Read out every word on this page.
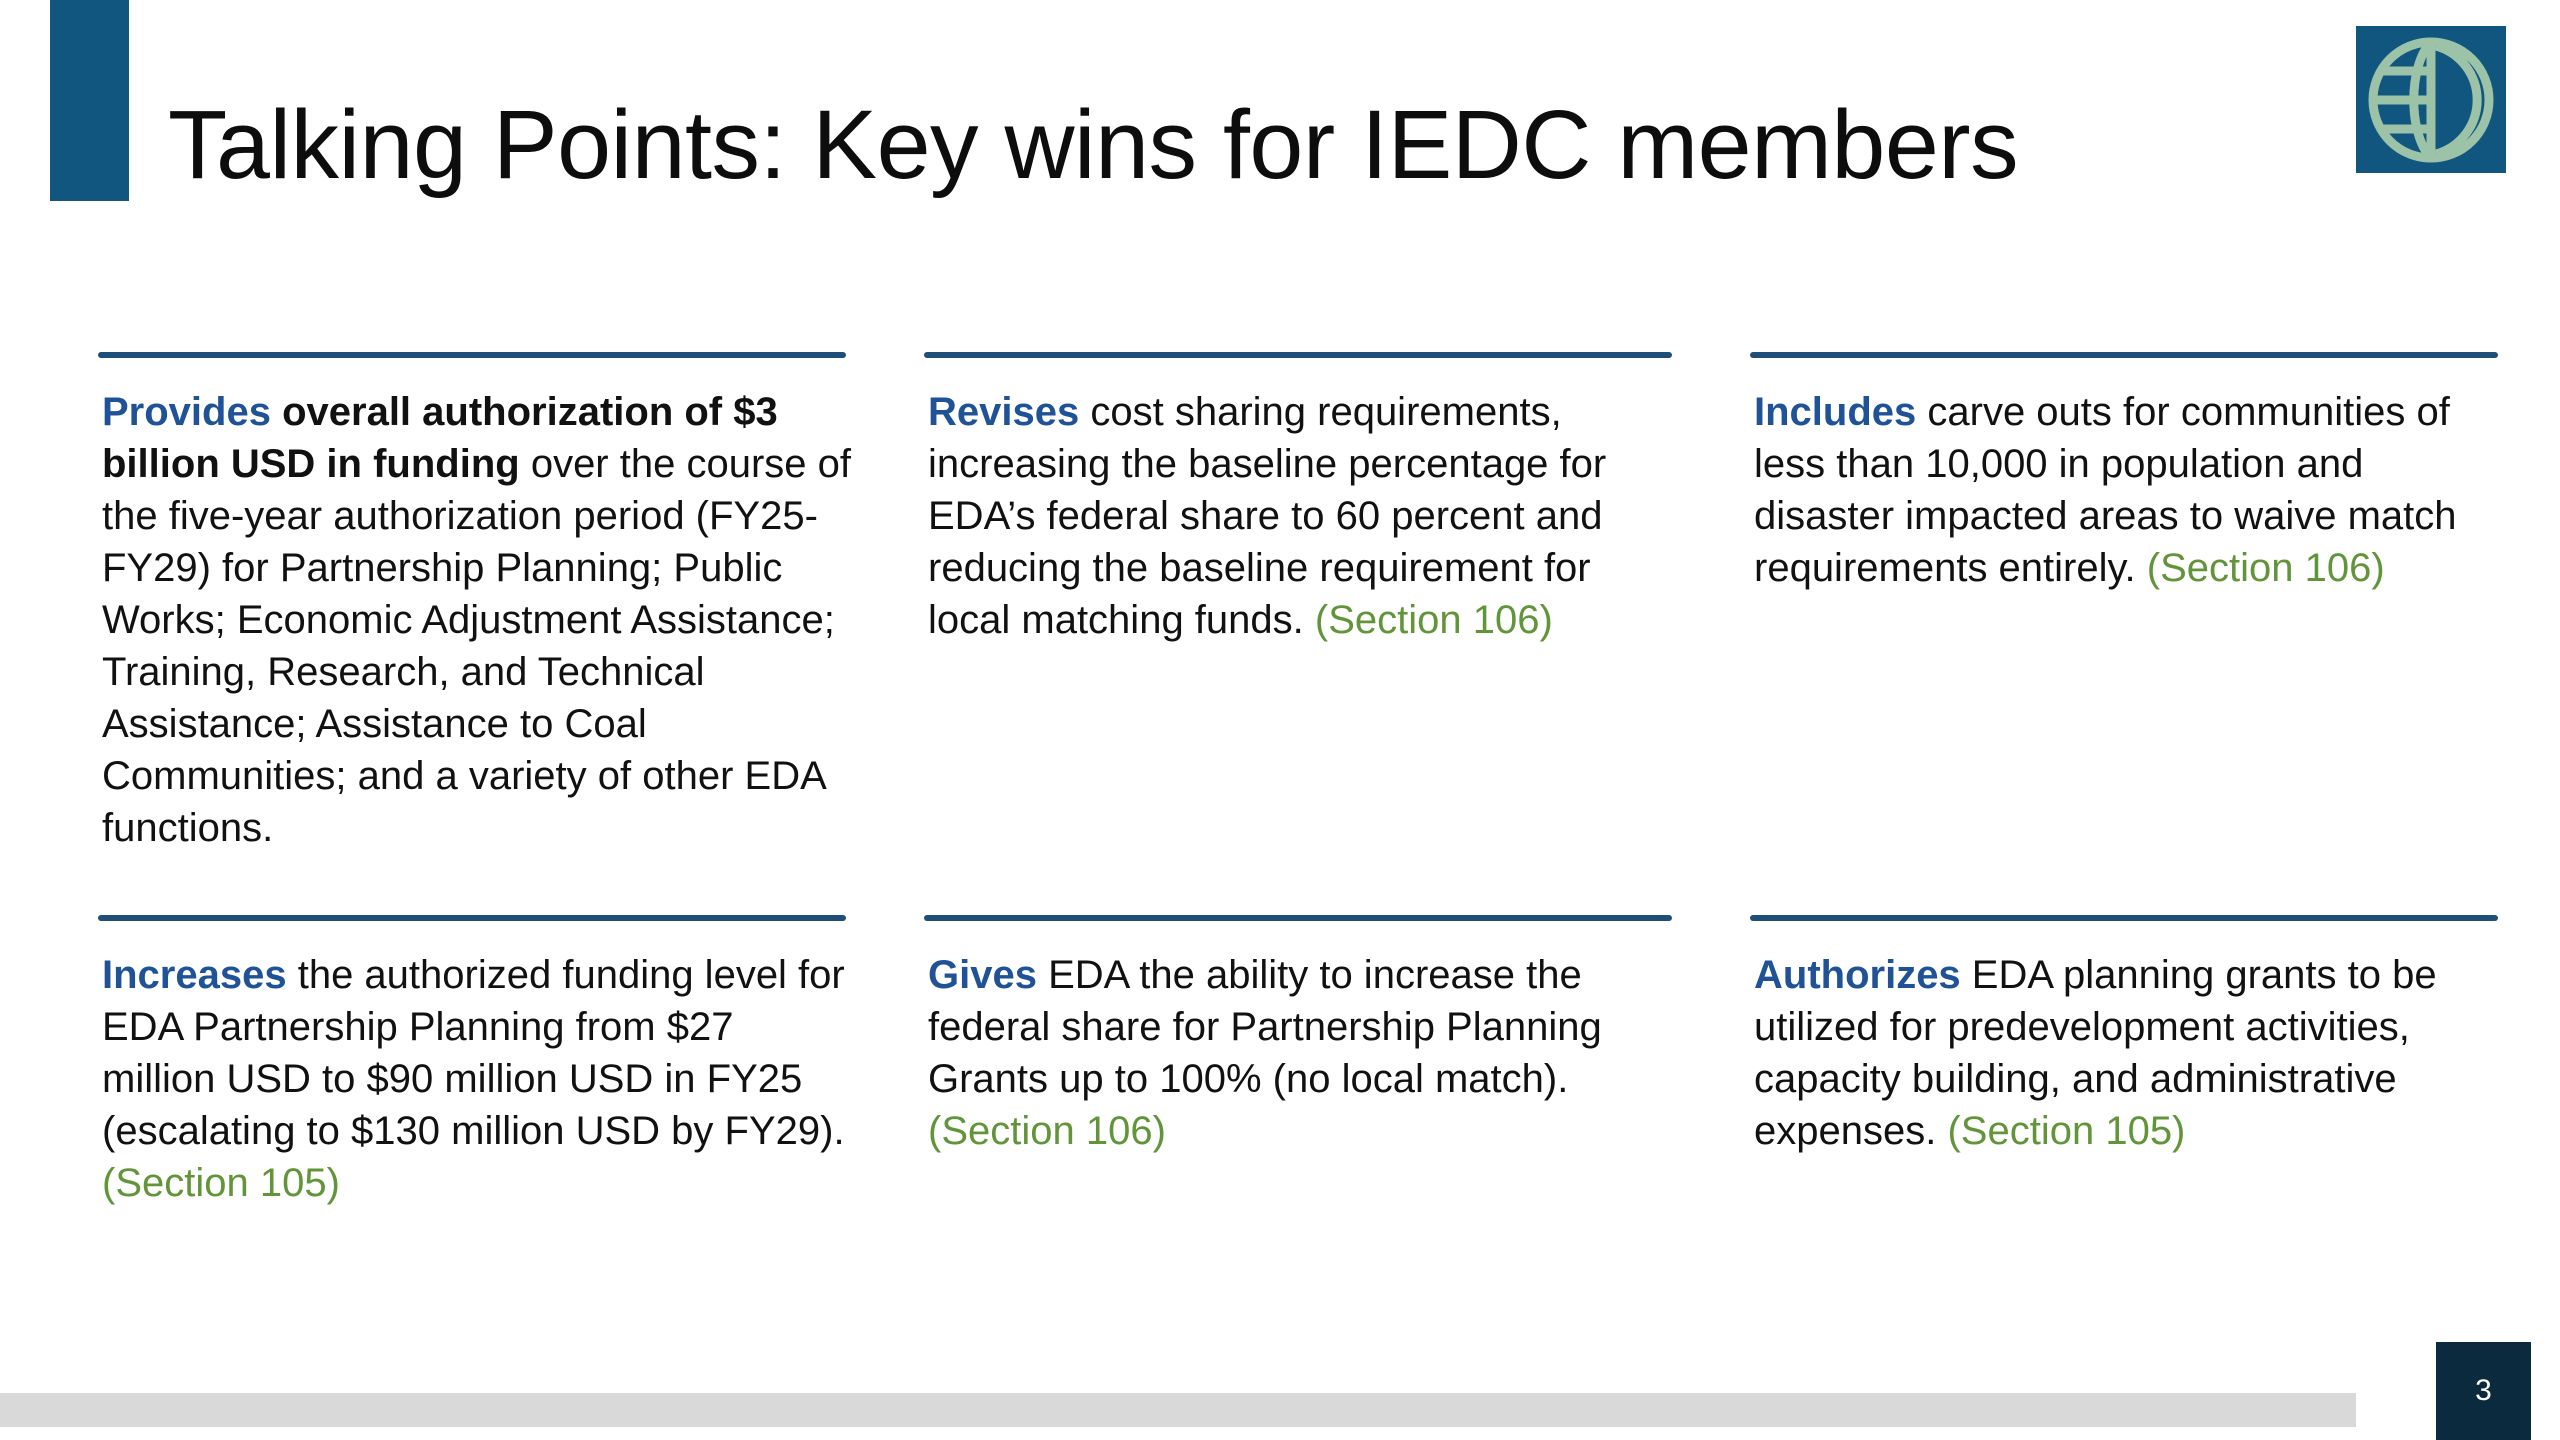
Talking Points: Key wins for IEDC members
Provides overall authorization of $3 billion USD in funding over the course of the five-year authorization period (FY25-FY29) for Partnership Planning; Public Works; Economic Adjustment Assistance; Training, Research, and Technical Assistance; Assistance to Coal Communities; and a variety of other EDA functions.
Revises cost sharing requirements, increasing the baseline percentage for EDA’s federal share to 60 percent and reducing the baseline requirement for local matching funds. (Section 106)
Includes carve outs for communities of less than 10,000 in population and disaster impacted areas to waive match requirements entirely. (Section 106)
Increases the authorized funding level for EDA Partnership Planning from $27 million USD to $90 million USD in FY25 (escalating to $130 million USD by FY29). (Section 105)
Gives EDA the ability to increase the federal share for Partnership Planning Grants up to 100% (no local match). (Section 106)
Authorizes EDA planning grants to be utilized for predevelopment activities, capacity building, and administrative expenses. (Section 105)
3
